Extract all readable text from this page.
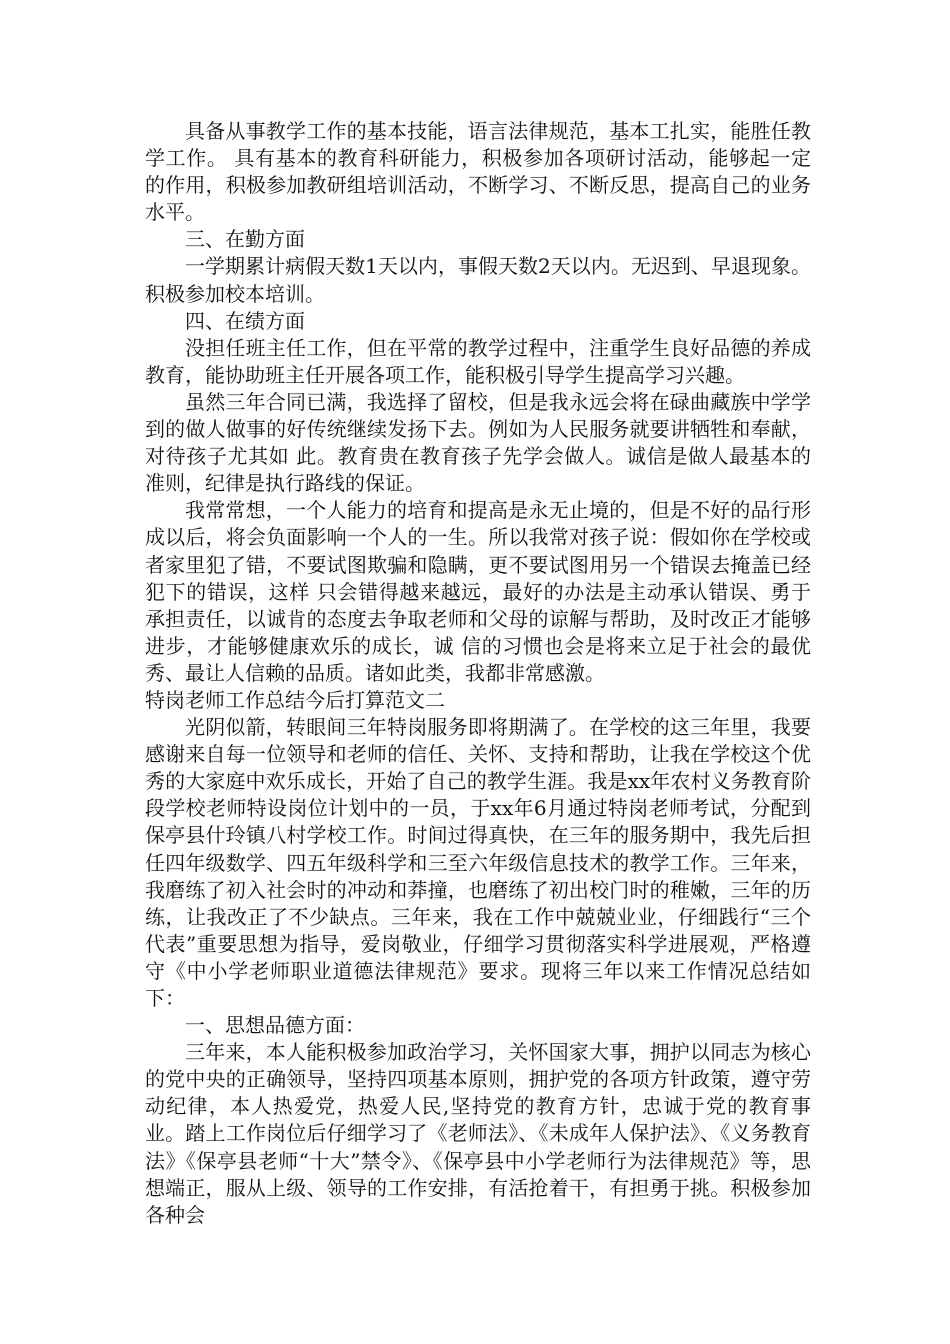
具备从事教学工作的基本技能，语言法律规范，基本工扎实，能胜任教学工作。 具有基本的教育科研能力，积极参加各项研讨活动，能够起一定的作用，积极参加教研组培训活动，不断学习、不断反思，提高自己的业务水平。

三、在勤方面

一学期累计病假天数1天以内，事假天数2天以内。无迟到、早退现象。积极参加校本培训。

四、在绩方面

没担任班主任工作，但在平常的教学过程中，注重学生良好品德的养成教育，能协助班主任开展各项工作，能积极引导学生提高学习兴趣。

虽然三年合同已满，我选择了留校，但是我永远会将在碌曲藏族中学学到的做人做事的好传统继续发扬下去。例如为人民服务就要讲牺牲和奉献，对待孩子尤其如 此。教育贵在教育孩子先学会做人。诚信是做人最基本的准则，纪律是执行路线的保证。

我常常想，一个人能力的培育和提高是永无止境的，但是不好的品行形成以后，将会负面影响一个人的一生。所以我常对孩子说：假如你在学校或者家里犯了错，不要试图欺骗和隐瞒，更不要试图用另一个错误去掩盖已经犯下的错误，这样 只会错得越来越远，最好的办法是主动承认错误、勇于承担责任，以诚肯的态度去争取老师和父母的谅解与帮助，及时改正才能够进步，才能够健康欢乐的成长，诚 信的习惯也会是将来立足于社会的最优秀、最让人信赖的品质。诸如此类，我都非常感激。

特岗老师工作总结今后打算范文二

光阴似箭，转眼间三年特岗服务即将期满了。在学校的这三年里，我要感谢来自每一位领导和老师的信任、关怀、支持和帮助，让我在学校这个优秀的大家庭中欢乐成长，开始了自己的教学生涯。我是xx年农村义务教育阶段学校老师特设岗位计划中的一员，于xx年6月通过特岗老师考试，分配到保亭县什玲镇八村学校工作。时间过得真快，在三年的服务期中，我先后担任四年级数学、四五年级科学和三至六年级信息技术的教学工作。三年来，我磨练了初入社会时的冲动和莽撞，也磨练了初出校门时的稚嫩，三年的历练，让我改正了不少缺点。三年来，我在工作中兢兢业业，仔细践行“三个代表”重要思想为指导，爱岗敬业，仔细学习贯彻落实科学进展观，严格遵守《中小学老师职业道德法律规范》要求。现将三年以来工作情况总结如下：

一、思想品德方面：

三年来，本人能积极参加政治学习，关怀国家大事，拥护以同志为核心的党中央的正确领导，坚持四项基本原则，拥护党的各项方针政策，遵守劳动纪律，本人热爱党，热爱人民,坚持党的教育方针，忠诚于党的教育事业。踏上工作岗位后仔细学习了《老师法》、《未成年人保护法》、《义务教育法》《保亭县老师“十大”禁令》、《保亭县中小学老师行为法律规范》等，思想端正，服从上级、领导的工作安排，有活抢着干，有担勇于挑。积极参加各种会
